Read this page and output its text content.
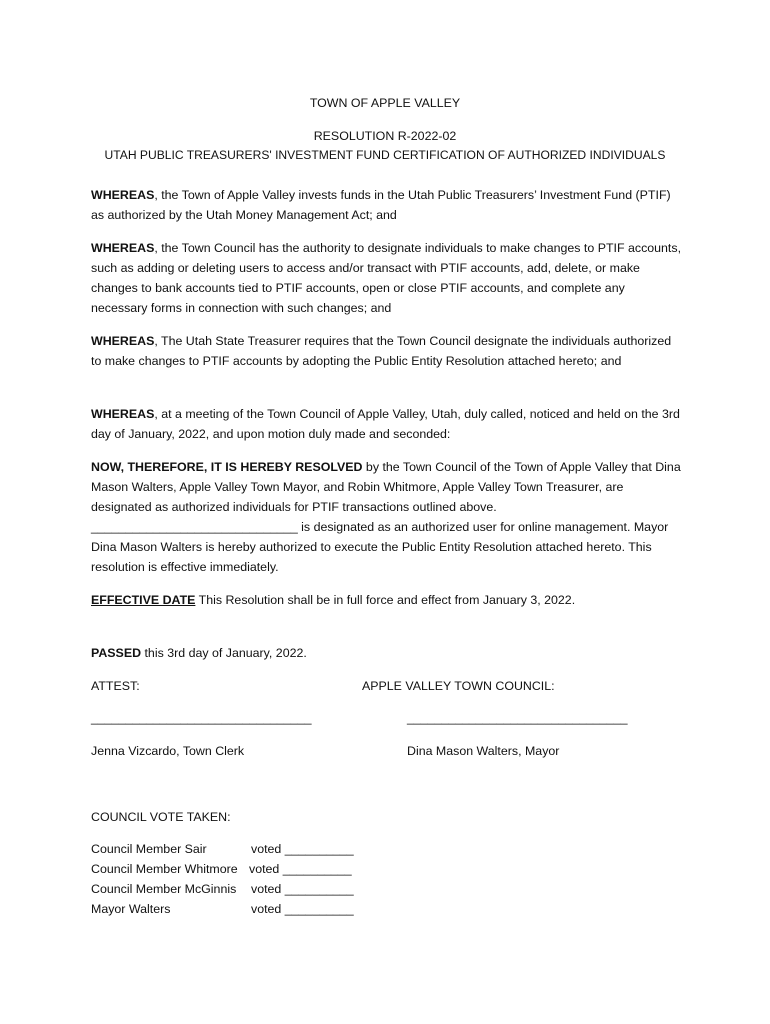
TOWN OF APPLE VALLEY
RESOLUTION R-2022-02
UTAH PUBLIC TREASURERS' INVESTMENT FUND CERTIFICATION OF AUTHORIZED INDIVIDUALS
WHEREAS, the Town of Apple Valley invests funds in the Utah Public Treasurers’ Investment Fund (PTIF) as authorized by the Utah Money Management Act; and
WHEREAS, the Town Council has the authority to designate individuals to make changes to PTIF accounts, such as adding or deleting users to access and/or transact with PTIF accounts, add, delete, or make changes to bank accounts tied to PTIF accounts, open or close PTIF accounts, and complete any necessary forms in connection with such changes; and
WHEREAS, The Utah State Treasurer requires that the Town Council designate the individuals authorized to make changes to PTIF accounts by adopting the Public Entity Resolution attached hereto; and
WHEREAS, at a meeting of the Town Council of Apple Valley, Utah, duly called, noticed and held on the 3rd day of January, 2022, and upon motion duly made and seconded:
NOW, THEREFORE, IT IS HEREBY RESOLVED by the Town Council of the Town of Apple Valley that Dina Mason Walters, Apple Valley Town Mayor, and Robin Whitmore, Apple Valley Town Treasurer, are designated as authorized individuals for PTIF transactions outlined above. ______________________________ is designated as an authorized user for online management. Mayor Dina Mason Walters is hereby authorized to execute the Public Entity Resolution attached hereto. This resolution is effective immediately.
EFFECTIVE DATE This Resolution shall be in full force and effect from January 3, 2022.
PASSED this 3rd day of January, 2022.
ATTEST:	APPLE VALLEY TOWN COUNCIL:
________________________________	________________________________
Jenna Vizcardo, Town Clerk	Dina Mason Walters, Mayor
COUNCIL VOTE TAKEN:
Council Member Sair	voted __________
Council Member Whitmore voted __________
Council Member McGinnis voted __________
Mayor Walters	voted __________
